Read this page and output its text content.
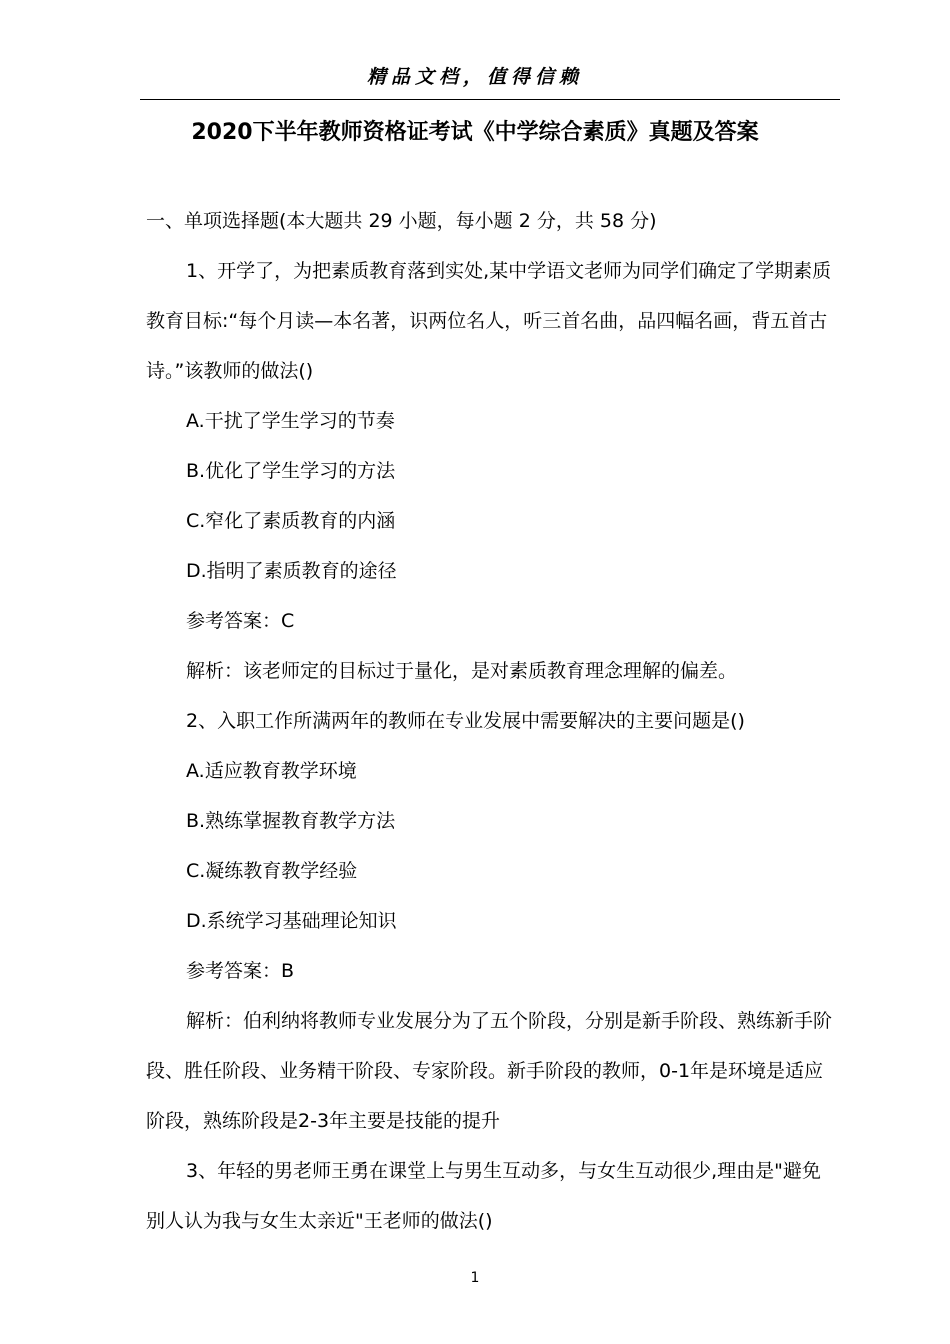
精品文档，值得信赖
2020下半年教师资格证考试《中学综合素质》真题及答案

一、单项选择题(本大题共 29 小题，每小题 2 分，共 58 分)

1、开学了，为把素质教育落到实处,某中学语文老师为同学们确定了学期素质教育目标:“每个月读—本名著，识两位名人，听三首名曲，品四幅名画，背五首古诗。”该教师的做法()

A.干扰了学生学习的节奏

B.优化了学生学习的方法

C.窄化了素质教育的内涵

D.指明了素质教育的途径

参考答案：C

解析：该老师定的目标过于量化，是对素质教育理念理解的偏差。

2、入职工作所满两年的教师在专业发展中需要解决的主要问题是()

A.适应教育教学环境

B.熟练掌握教育教学方法

C.凝练教育教学经验

D.系统学习基础理论知识

参考答案：B

解析：伯利纳将教师专业发展分为了五个阶段，分别是新手阶段、熟练新手阶段、胜任阶段、业务精干阶段、专家阶段。新手阶段的教师，0-1年是环境是适应阶段，熟练阶段是2-3年主要是技能的提升

3、年轻的男老师王勇在课堂上与男生互动多，与女生互动很少,理由是"避免别人认为我与女生太亲近"王老师的做法()

1
